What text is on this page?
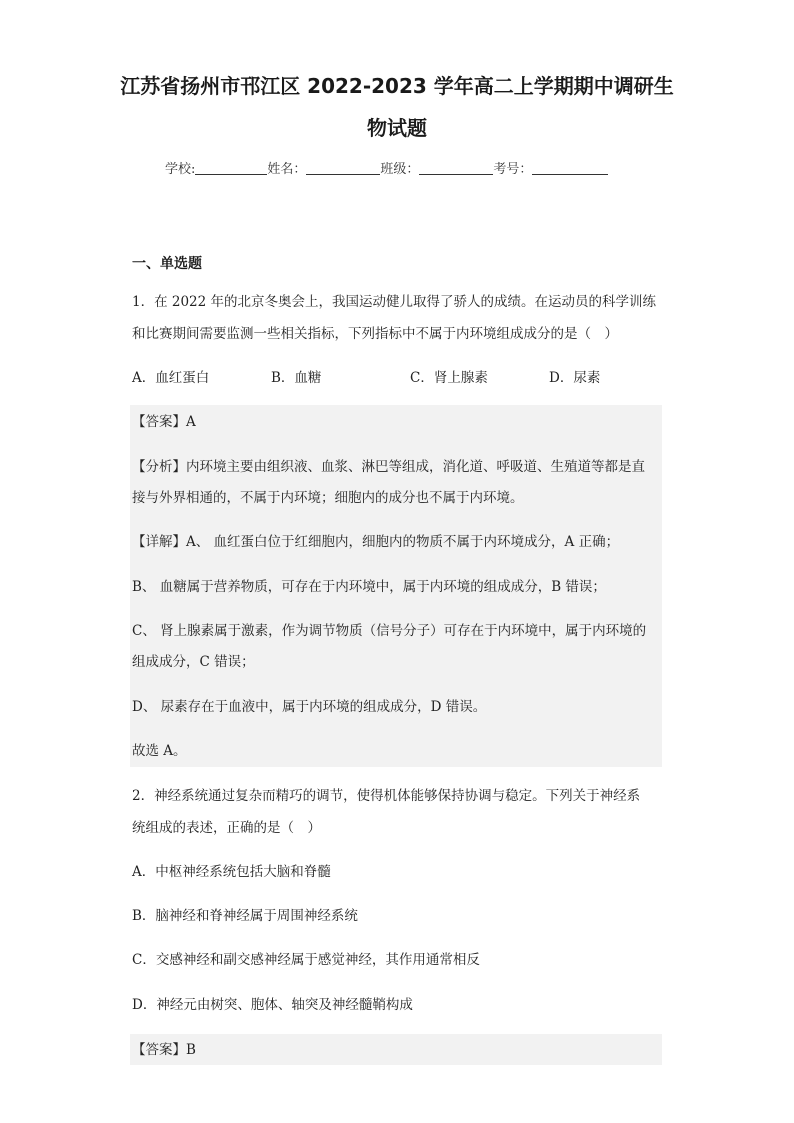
江苏省扬州市邗江区 2022-2023 学年高二上学期期中调研生
物试题
学校:	姓名：	班级：	考号：
一、单选题
1．在 2022 年的北京冬奥会上，我国运动健儿取得了骄人的成绩。在运动员的科学训练
和比赛期间需要监测一些相关指标，下列指标中不属于内环境组成成分的是（　）
A．血红蛋白	B．血糖	C．肾上腺素	D．尿素
【答案】A
【分析】内环境主要由组织液、血浆、淋巴等组成，消化道、呼吸道、生殖道等都是直
接与外界相通的，不属于内环境；细胞内的成分也不属于内环境。
【详解】A、 血红蛋白位于红细胞内，细胞内的物质不属于内环境成分，A 正确；
B、 血糖属于营养物质，可存在于内环境中，属于内环境的组成成分，B 错误；
C、 肾上腺素属于激素，作为调节物质（信号分子）可存在于内环境中，属于内环境的
组成成分，C 错误；
D、 尿素存在于血液中，属于内环境的组成成分，D 错误。
故选 A。
2．神经系统通过复杂而精巧的调节，使得机体能够保持协调与稳定。下列关于神经系
统组成的表述，正确的是（　）
A．中枢神经系统包括大脑和脊髓
B．脑神经和脊神经属于周围神经系统
C．交感神经和副交感神经属于感觉神经，其作用通常相反
D．神经元由树突、胞体、轴突及神经髓鞘构成
【答案】B
